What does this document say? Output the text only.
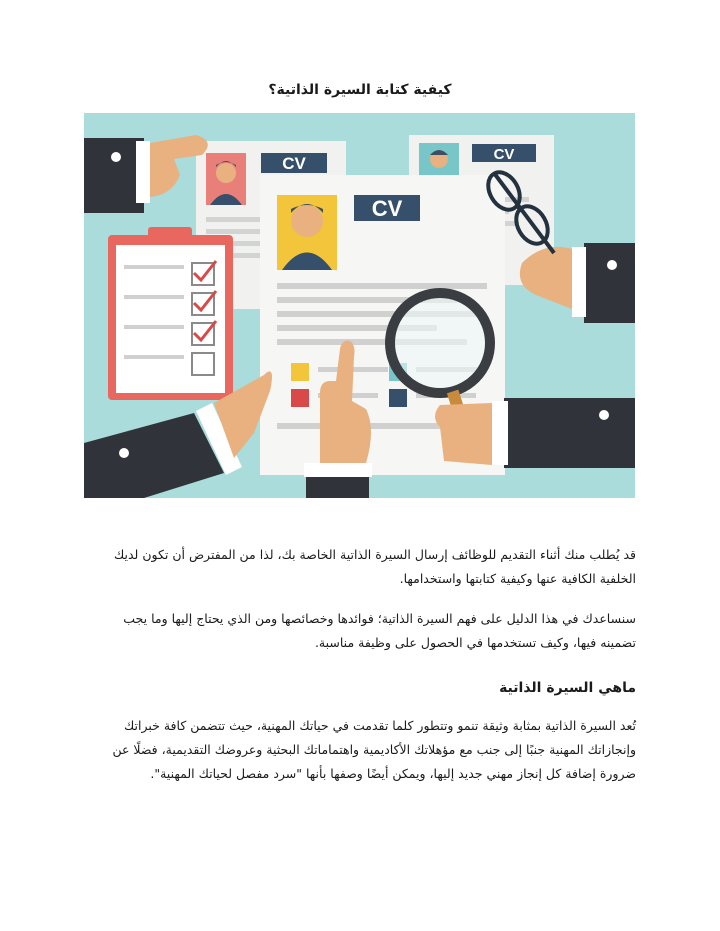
كيفية كتابة السيرة الذاتية؟
CV	CV
CV
قد يُطلب منك أثناء التقديم للوظائف إرسال السيرة الذاتية الخاصة بك، لذا من المفترض أن تكون لديك الخلفية الكافية عنها وكيفية كتابتها واستخدامها.
سنساعدك في هذا الدليل على فهم السيرة الذاتية؛ فوائدها وخصائصها ومن الذي يحتاج إليها وما يجب تضمينه فيها، وكيف تستخدمها في الحصول على وظيفة مناسبة.
ماهي السيرة الذاتية
تُعد السيرة الذاتية بمثابة وثيقة تنمو وتتطور كلما تقدمت في حياتك المهنية، حيث تتضمن كافة خبراتك وإنجازاتك المهنية جنبًا إلى جنب مع مؤهلاتك الأكاديمية واهتماماتك البحثية وعروضك التقديمية، فضلًا عن ضرورة إضافة كل إنجاز مهني جديد إليها، ويمكن أيضًا وصفها بأنها "سرد مفصل لحياتك المهنية".
